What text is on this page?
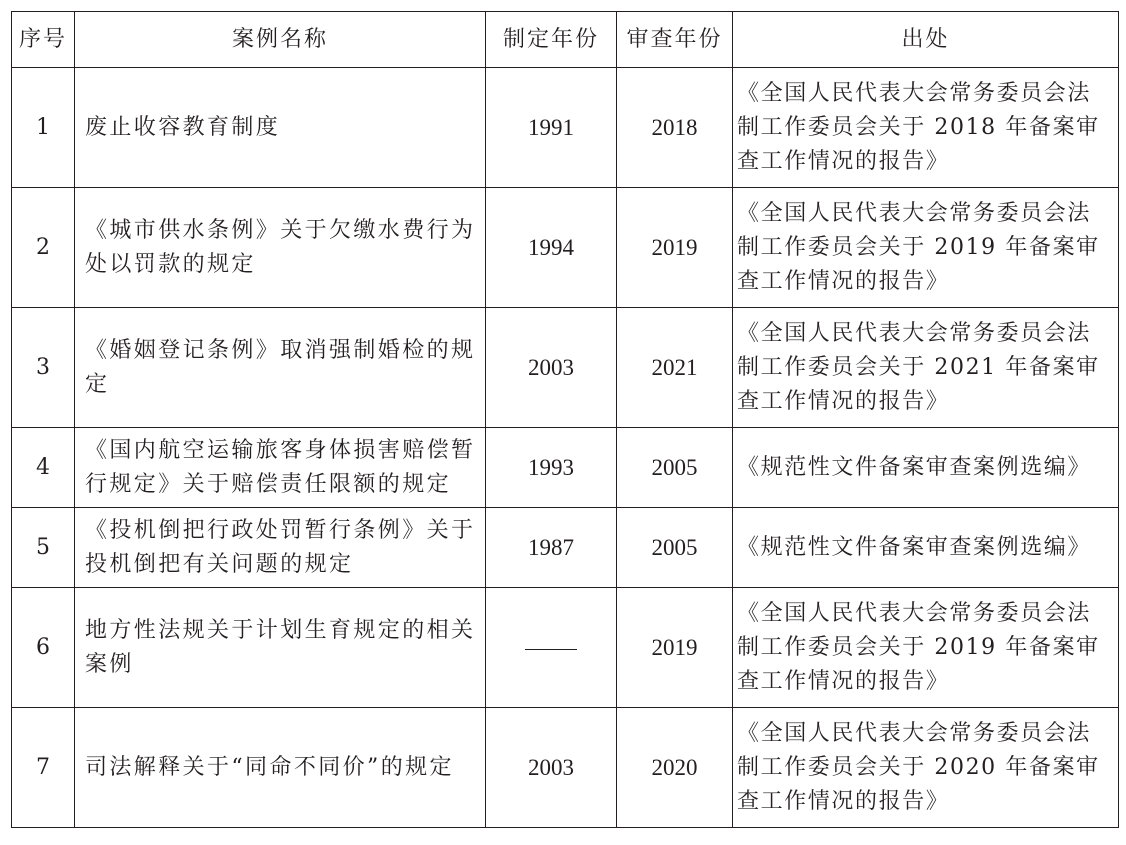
序号	案例名称	制定年份	审查年份	出处
1	废止收容教育制度	1991	2018	《全国人民代表大会常务委员会法制工作委员会关于 2018 年备案审查工作情况的报告》
2	《城市供水条例》关于欠缴水费行为处以罚款的规定	1994	2019	《全国人民代表大会常务委员会法制工作委员会关于 2019 年备案审查工作情况的报告》
3	《婚姻登记条例》取消强制婚检的规定	2003	2021	《全国人民代表大会常务委员会法制工作委员会关于 2021 年备案审查工作情况的报告》
4	《国内航空运输旅客身体损害赔偿暂行规定》关于赔偿责任限额的规定	1993	2005	《规范性文件备案审查案例选编》
5	《投机倒把行政处罚暂行条例》关于投机倒把有关问题的规定	1987	2005	《规范性文件备案审查案例选编》
6	地方性法规关于计划生育规定的相关案例		2019	《全国人民代表大会常务委员会法制工作委员会关于 2019 年备案审查工作情况的报告》
7	司法解释关于“同命不同价”的规定	2003	2020	《全国人民代表大会常务委员会法制工作委员会关于 2020 年备案审查工作情况的报告》
